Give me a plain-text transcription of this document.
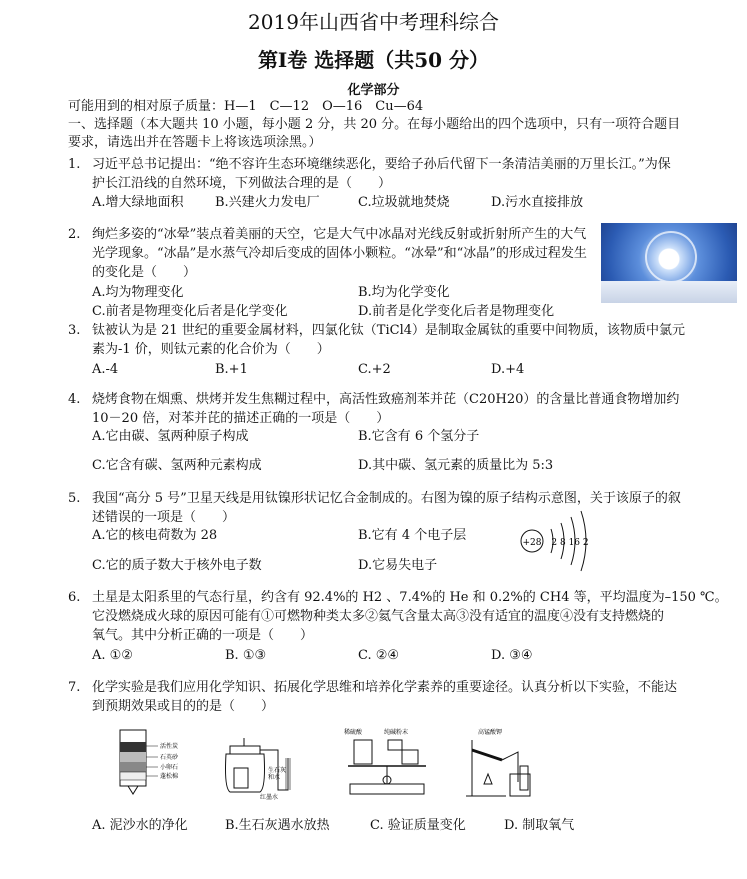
2019年山西省中考理科综合
第Ⅰ卷 选择题（共50 分）
化学部分
可能用到的相对原子质量：H—1　C—12　O—16　Cu—64
一、选择题（本大题共 10 小题，每小题 2 分，共 20 分。在每小题给出的四个选项中，只有一项符合题目
要求，请选出并在答题卡上将该选项涂黑。）
1. 习近平总书记提出：“绝不容许生态环境继续恶化，要给子孙后代留下一条清洁美丽的万里长江。”为保
护长江沿线的自然环境，下列做法合理的是（　　）
A.增大绿地面积 B.兴建火力发电厂	C.垃圾就地焚烧	D.污水直接排放
2. 绚烂多姿的“冰晕”装点着美丽的天空，它是大气中冰晶对光线反射或折射所产生的大气
光学现象。“冰晶”是水蒸气冷却后变成的固体小颗粒。“冰晕”和“冰晶”的形成过程发生
的变化是（　　）
A.均为物理变化	B.均为化学变化
C.前者是物理变化后者是化学变化	D.前者是化学变化后者是物理变化
3. 钛被认为是 21 世纪的重要金属材料，四氯化钛（TiCl4）是制取金属钛的重要中间物质，该物质中氯元
素为-1 价，则钛元素的化合价为（　　）
A.-4	B.+1	C.+2	D.+4
4. 烧烤食物在烟熏、烘烤并发生焦糊过程中，高活性致癌剂苯并芘（C20H20）的含量比普通食物增加约
10－20 倍，对苯并芘的描述正确的一项是（　　）
A.它由碳、氢两种原子构成	B.它含有 6 个氢分子
C.它含有碳、氢两种元素构成	D.其中碳、氢元素的质量比为 5:3
5. 我国“高分 5 号”卫星天线是用钛镍形状记忆合金制成的。右图为镍的原子结构示意图，关于该原子的叙
述错误的一项是（　　）
A.它的核电荷数为 28	B.它有 4 个电子层
C.它的质子数大于核外电子数	D.它易失电子
+28 2 8 16 2
6. 土星是太阳系里的气态行星，约含有 92.4%的 H2 、7.4%的 He 和 0.2%的 CH4 等，平均温度为–150 ℃。
它没燃烧成火球的原因可能有①可燃物种类太多②氦气含量太高③没有适宜的温度④没有支持燃烧的
氧气。其中分析正确的一项是（　　）
A. ①②	B. ①③	C. ②④	D. ③④
7. 化学实验是我们应用化学知识、拓展化学思维和培养化学素养的重要途径。认真分析以下实验，不能达
到预期效果或目的的是（　　）
活性炭
石英砂
小卵石
蓬松棉
生石灰
和水
红墨水
稀硫酸	纯碱粉末	高锰酸钾
A. 泥沙水的净化	B.生石灰遇水放热	C. 验证质量变化	D. 制取氧气
